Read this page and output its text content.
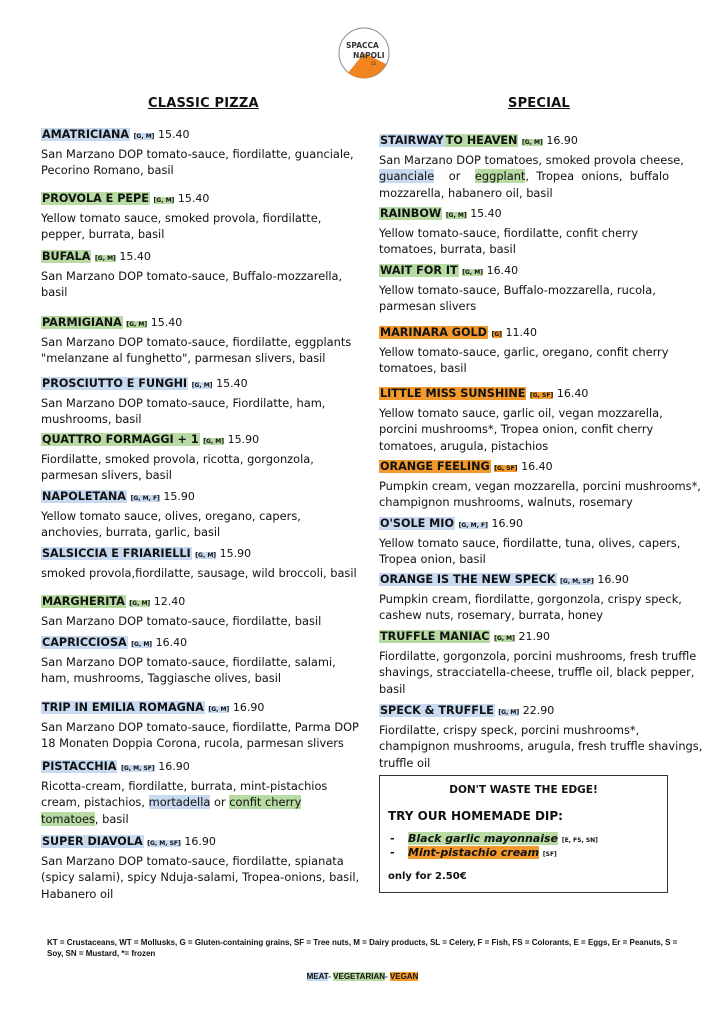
SPACCA
NAPOLI
12
CLASSIC PIZZA	SPECIAL
AMATRICIANA [G, M] 15.40
San Marzano DOP tomato-sauce, fiordilatte, guanciale,
Pecorino Romano, basil
PROVOLA E PEPE [G, M] 15.40
Yellow tomato sauce, smoked provola, fiordilatte,
pepper, burrata, basil
BUFALA [G, M] 15.40
San Marzano DOP tomato-sauce, Buffalo-mozzarella,
basil
PARMIGIANA [G, M] 15.40
San Marzano DOP tomato-sauce, fiordilatte, eggplants
"melanzane al funghetto", parmesan slivers, basil
PROSCIUTTO E FUNGHI [G, M] 15.40
San Marzano DOP tomato-sauce, Fiordilatte, ham,
mushrooms, basil
QUATTRO FORMAGGI + 1 [G, M] 15.90
Fiordilatte, smoked provola, ricotta, gorgonzola,
parmesan slivers, basil
NAPOLETANA [G, M, F] 15.90
Yellow tomato sauce, olives, oregano, capers,
anchovies, burrata, garlic, basil
SALSICCIA E FRIARIELLI [G, M] 15.90
smoked provola,fiordilatte, sausage, wild broccoli, basil
MARGHERITA [G, M] 12.40
San Marzano DOP tomato-sauce, fiordilatte, basil
CAPRICCIOSA [G, M] 16.40
San Marzano DOP tomato-sauce, fiordilatte, salami,
ham, mushrooms, Taggiasche olives, basil
TRIP IN EMILIA ROMAGNA [G, M] 16.90
San Marzano DOP tomato-sauce, fiordilatte, Parma DOP
18 Monaten Doppia Corona, rucola, parmesan slivers
PISTACCHIA [G, M, SF] 16.90
Ricotta-cream, fiordilatte, burrata, mint-pistachios
cream, pistachios, mortadella or confit cherry
tomatoes, basil
SUPER DIAVOLA [G, M, SF] 16.90
San Marzano DOP tomato-sauce, fiordilatte, spianata
(spicy salami), spicy Nduja-salami, Tropea-onions, basil,
Habanero oil
STAIRWAY TO HEAVEN [G, M] 16.90
San Marzano DOP tomatoes, smoked provola cheese,
guanciale or eggplant,  Tropea  onions,  buffalo
mozzarella, habanero oil, basil
RAINBOW [G, M] 15.40
Yellow tomato-sauce, fiordilatte, confit cherry
tomatoes, burrata, basil
WAIT FOR IT [G, M] 16.40
Yellow tomato-sauce, Buffalo-mozzarella, rucola,
parmesan slivers
MARINARA GOLD [G] 11.40
Yellow tomato-sauce, garlic, oregano, confit cherry
tomatoes, basil
LITTLE MISS SUNSHINE [G, SF] 16.40
Yellow tomato sauce, garlic oil, vegan mozzarella,
porcini mushrooms*, Tropea onion, confit cherry
tomatoes, arugula, pistachios
ORANGE FEELING [G, SF] 16.40
Pumpkin cream, vegan mozzarella, porcini mushrooms*,
champignon mushrooms, walnuts, rosemary
O'SOLE MIO [G, M, F] 16.90
Yellow tomato sauce, fiordilatte, tuna, olives, capers,
Tropea onion, basil
ORANGE IS THE NEW SPECK [G, M, SF] 16.90
Pumpkin cream, fiordilatte, gorgonzola, crispy speck,
cashew nuts, rosemary, burrata, honey
TRUFFLE MANIAC [G, M] 21.90
Fiordilatte, gorgonzola, porcini mushrooms, fresh truffle
shavings, stracciatella-cheese, truffle oil, black pepper,
basil
SPECK & TRUFFLE [G, M] 22.90
Fiordilatte, crispy speck, porcini mushrooms*,
champignon mushrooms, arugula, fresh truffle shavings,
truffle oil
DON'T WASTE THE EDGE!
TRY OUR HOMEMADE DIP:
- Black garlic mayonnaise [E, FS, SN]
- Mint-pistachio cream [SF]
only for 2.50€
KT = Crustaceans, WT = Mollusks, G = Gluten-containing grains, SF = Tree nuts, M = Dairy products, SL = Celery, F = Fish, FS = Colorants, E = Eggs, Er = Peanuts, S = Soy, SN = Mustard, *= frozen
MEAT- VEGETARIAN- VEGAN
